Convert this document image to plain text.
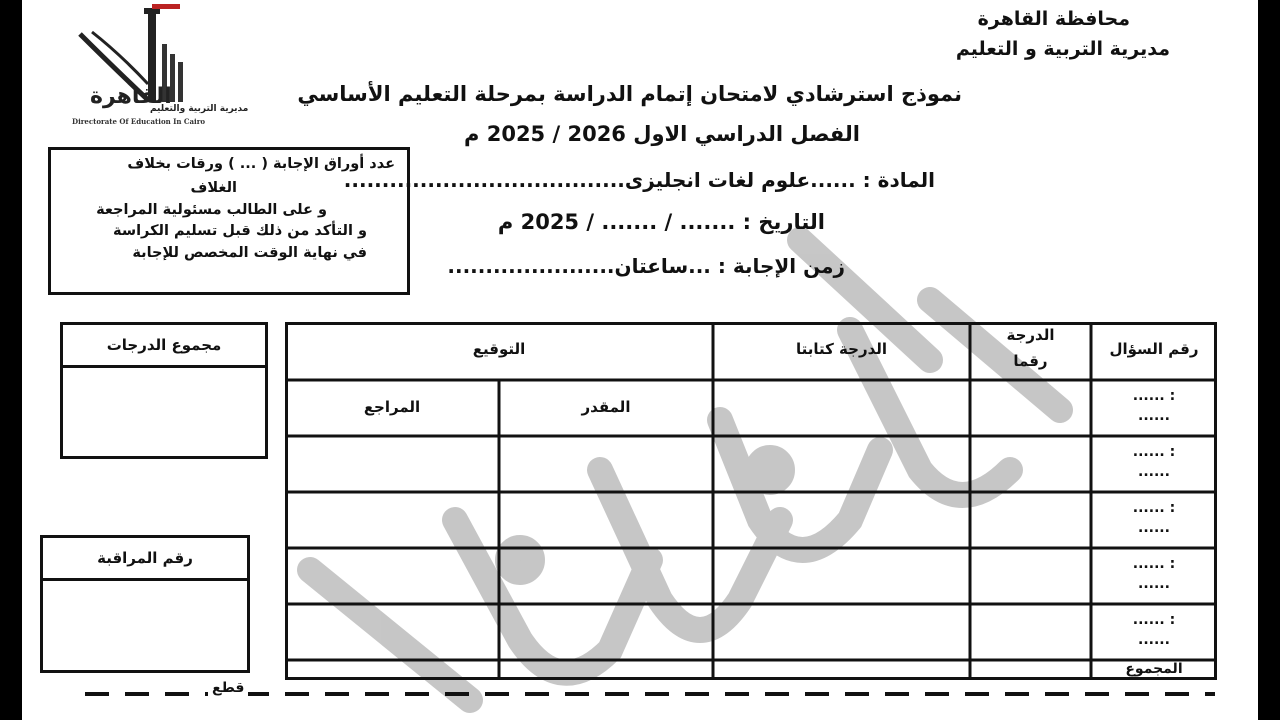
القاهرة
مديرية التربية والتعليم
Directorate Of Education In Cairo
محافظة القاهرة
مديرية التربية و التعليم
نموذج استرشادي لامتحان إتمام الدراسة بمرحلة التعليم الأساسي
الفصل الدراسي الاول 2026 / 2025 م
المادة : ......علوم لغات انجليزى.....................................
التاريخ : ....... / ....... / 2025 م
زمن الإجابة : ...ساعتان......................
عدد أوراق الإجابة ( ... ) ورقات بخلاف
الغلاف
و على الطالب مسئولية المراجعة
و التأكد من ذلك قبل تسليم الكراسة
في نهاية الوقت المخصص للإجابة
مجموع الدرجات
رقم المراقبة
رقم السؤال
الدرجة
رقما
الدرجة كتابتا
التوقيع
المقدر
المراجع
...... :
......
...... :
......
...... :
......
...... :
......
...... :
......
المجموع
قطع
